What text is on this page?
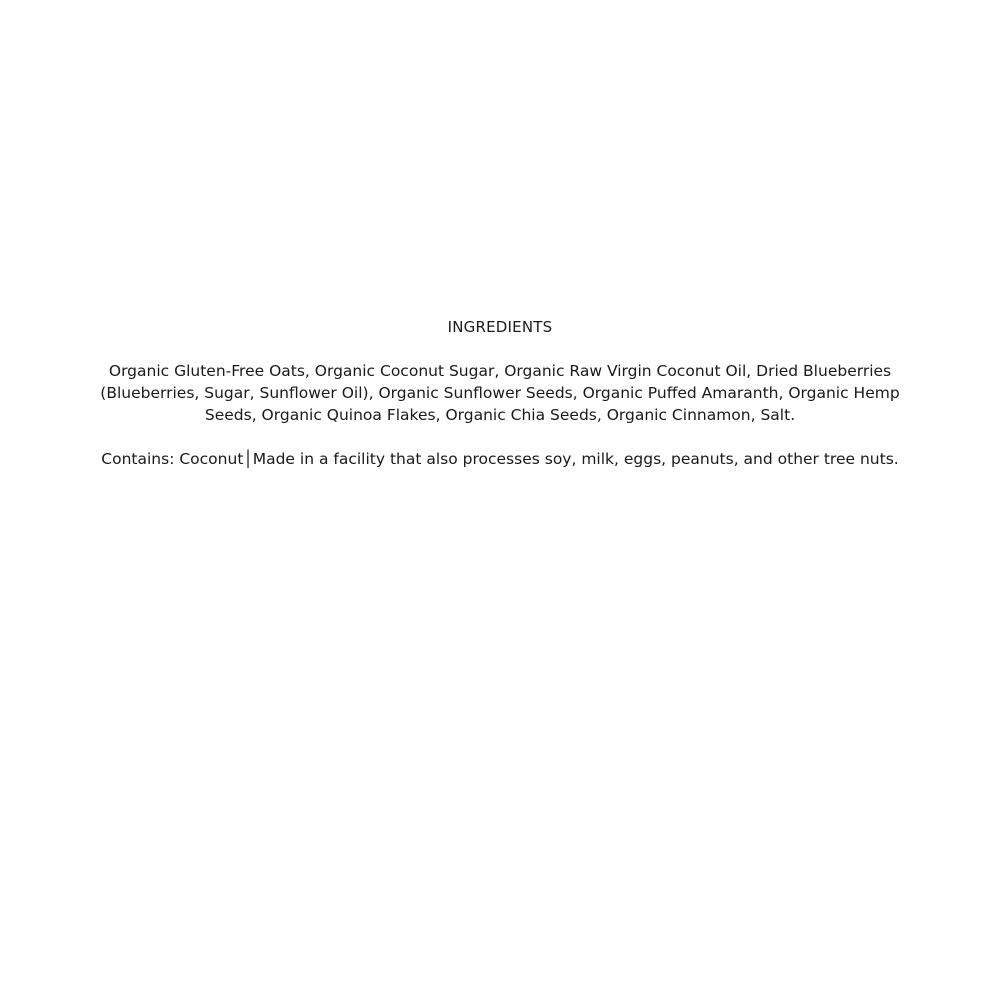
INGREDIENTS

Organic Gluten-Free Oats, Organic Coconut Sugar, Organic Raw Virgin Coconut Oil, Dried Blueberries (Blueberries, Sugar, Sunflower Oil), Organic Sunflower Seeds, Organic Puffed Amaranth, Organic Hemp Seeds, Organic Quinoa Flakes, Organic Chia Seeds, Organic Cinnamon, Salt.

Contains: Coconut│Made in a facility that also processes soy, milk, eggs, peanuts, and other tree nuts.
